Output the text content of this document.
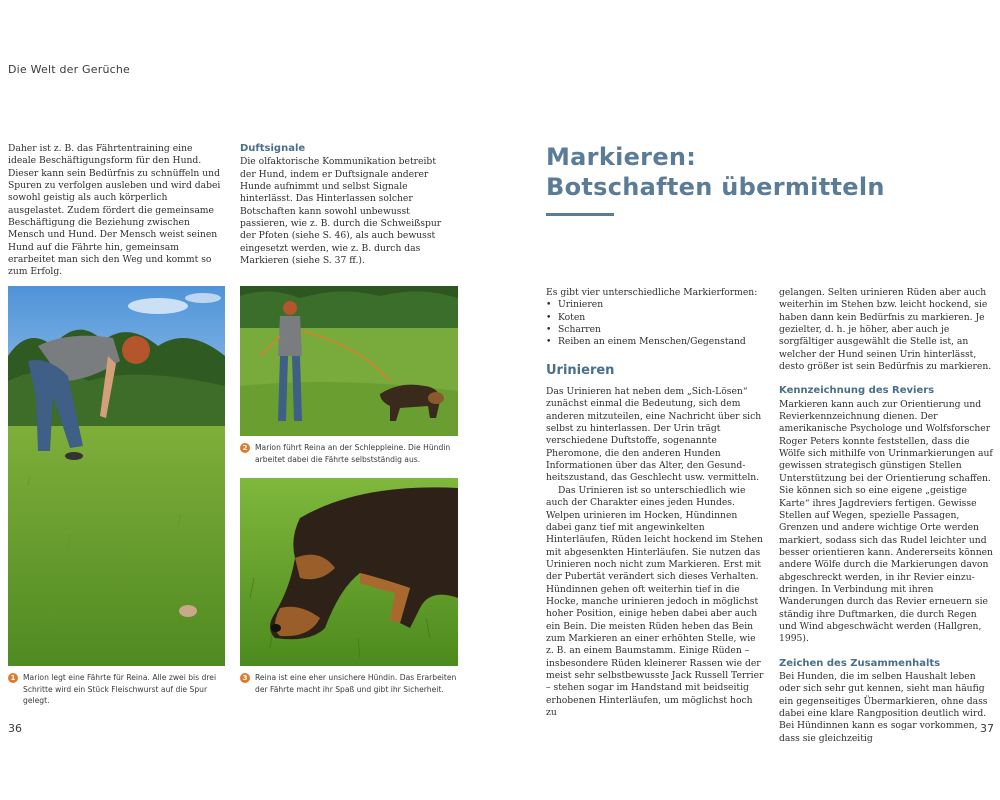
Die Welt der Gerüche

Daher ist z. B. das Fährtentraining eine ideale Beschäftigungsform für den Hund. Dieser kann sein Bedürfnis zu schnüffeln und Spuren zu verfolgen ausleben und wird dabei sowohl geistig als auch körperlich ausgelastet. Zudem fördert die gemeinsame Beschäftigung die Beziehung zwischen Mensch und Hund. Der Mensch weist seinen Hund auf die Fährte hin, gemeinsam erarbeitet man sich den Weg und kommt so zum Erfolg.

Duftsignale

Die olfaktorische Kommunikation betreibt der Hund, indem er Duftsignale anderer Hunde aufnimmt und selbst Signale hinterlässt. Das Hinterlassen solcher Botschaften kann sowohl unbewusst passieren, wie z. B. durch die Schweißspur der Pfoten (siehe S. 46), als auch bewusst eingesetzt werden, wie z. B. durch das Markieren (siehe S. 37 ff.).

1 Marion legt eine Fährte für Reina. Alle zwei bis drei Schritte wird ein Stück Fleischwurst auf die Spur gelegt.
2 Marion führt Reina an der Schleppleine. Die Hündin arbeitet dabei die Fährte selbstständig aus.
3 Reina ist eine eher unsichere Hündin. Das Erarbeiten der Fährte macht ihr Spaß und gibt ihr Sicherheit.
36
Markieren:
Botschaften übermitteln

Es gibt vier unterschiedliche Markierformen:

• Urinieren
• Koten
• Scharren
• Reiben an einem Menschen/Gegenstand
Urinieren

Das Urinieren hat neben dem „Sich-Lösen“ zunächst einmal die Bedeutung, sich dem anderen mitzuteilen, eine Nachricht über sich selbst zu hinterlassen. Der Urin trägt verschiedene Duftstoffe, sogenannte Pheromone, die den anderen Hunden Informationen über das Alter, den Gesundheitszustand, das Geschlecht usw. vermitteln.

Das Urinieren ist so unterschiedlich wie auch der Charakter eines jeden Hundes. Welpen urinieren im Hocken, Hündinnen dabei ganz tief mit angewinkelten Hinterläufen, Rüden leicht hockend im Stehen mit abgesenkten Hinterläufen. Sie nutzen das Urinieren noch nicht zum Markieren. Erst mit der Pubertät verändert sich dieses Verhalten. Hündinnen gehen oft weiterhin tief in die Hocke, manche urinieren jedoch in möglichst hoher Position, einige heben dabei aber auch ein Bein. Die meisten Rüden heben das Bein zum Markieren an einer erhöhten Stelle, wie z. B. an einem Baumstamm. Einige Rüden – insbesondere Rüden kleinerer Rassen wie der meist sehr selbstbewusste Jack Russell Terrier – stehen sogar im Handstand mit beidseitig erhobenen Hinterläufen, um möglichst hoch zu

gelangen. Selten urinieren Rüden aber auch weiterhin im Stehen bzw. leicht hockend, sie haben dann kein Bedürfnis zu markieren. Je gezielter, d. h. je höher, aber auch je sorgfältiger ausgewählt die Stelle ist, an welcher der Hund seinen Urin hinterlässt, desto größer ist sein Bedürfnis zu markieren.

Kennzeichnung des Reviers

Markieren kann auch zur Orientierung und Revierkennzeichnung dienen. Der amerikanische Psychologe und Wolfsforscher Roger Peters konnte feststellen, dass die Wölfe sich mithilfe von Urinmarkierungen auf gewissen strategisch günstigen Stellen Unterstützung bei der Orientierung schaffen. Sie können sich so eine eigene „geistige Karte“ ihres Jagdreviers fertigen. Gewisse Stellen auf Wegen, spezielle Passagen, Grenzen und andere wichtige Orte werden markiert, sodass sich das Rudel leichter und besser orientieren kann. Andererseits können andere Wölfe durch die Markierungen davon abgeschreckt werden, in ihr Revier einzudringen. In Verbindung mit ihren Wanderungen durch das Revier erneuern sie ständig ihre Duftmarken, die durch Regen und Wind abgeschwächt werden (Hallgren, 1995).

Zeichen des Zusammenhalts

Bei Hunden, die im selben Haushalt leben oder sich sehr gut kennen, sieht man häufig ein gegenseitiges Übermarkieren, ohne dass dabei eine klare Rangposition deutlich wird. Bei Hündinnen kann es sogar vorkommen, dass sie gleichzeitig

37
